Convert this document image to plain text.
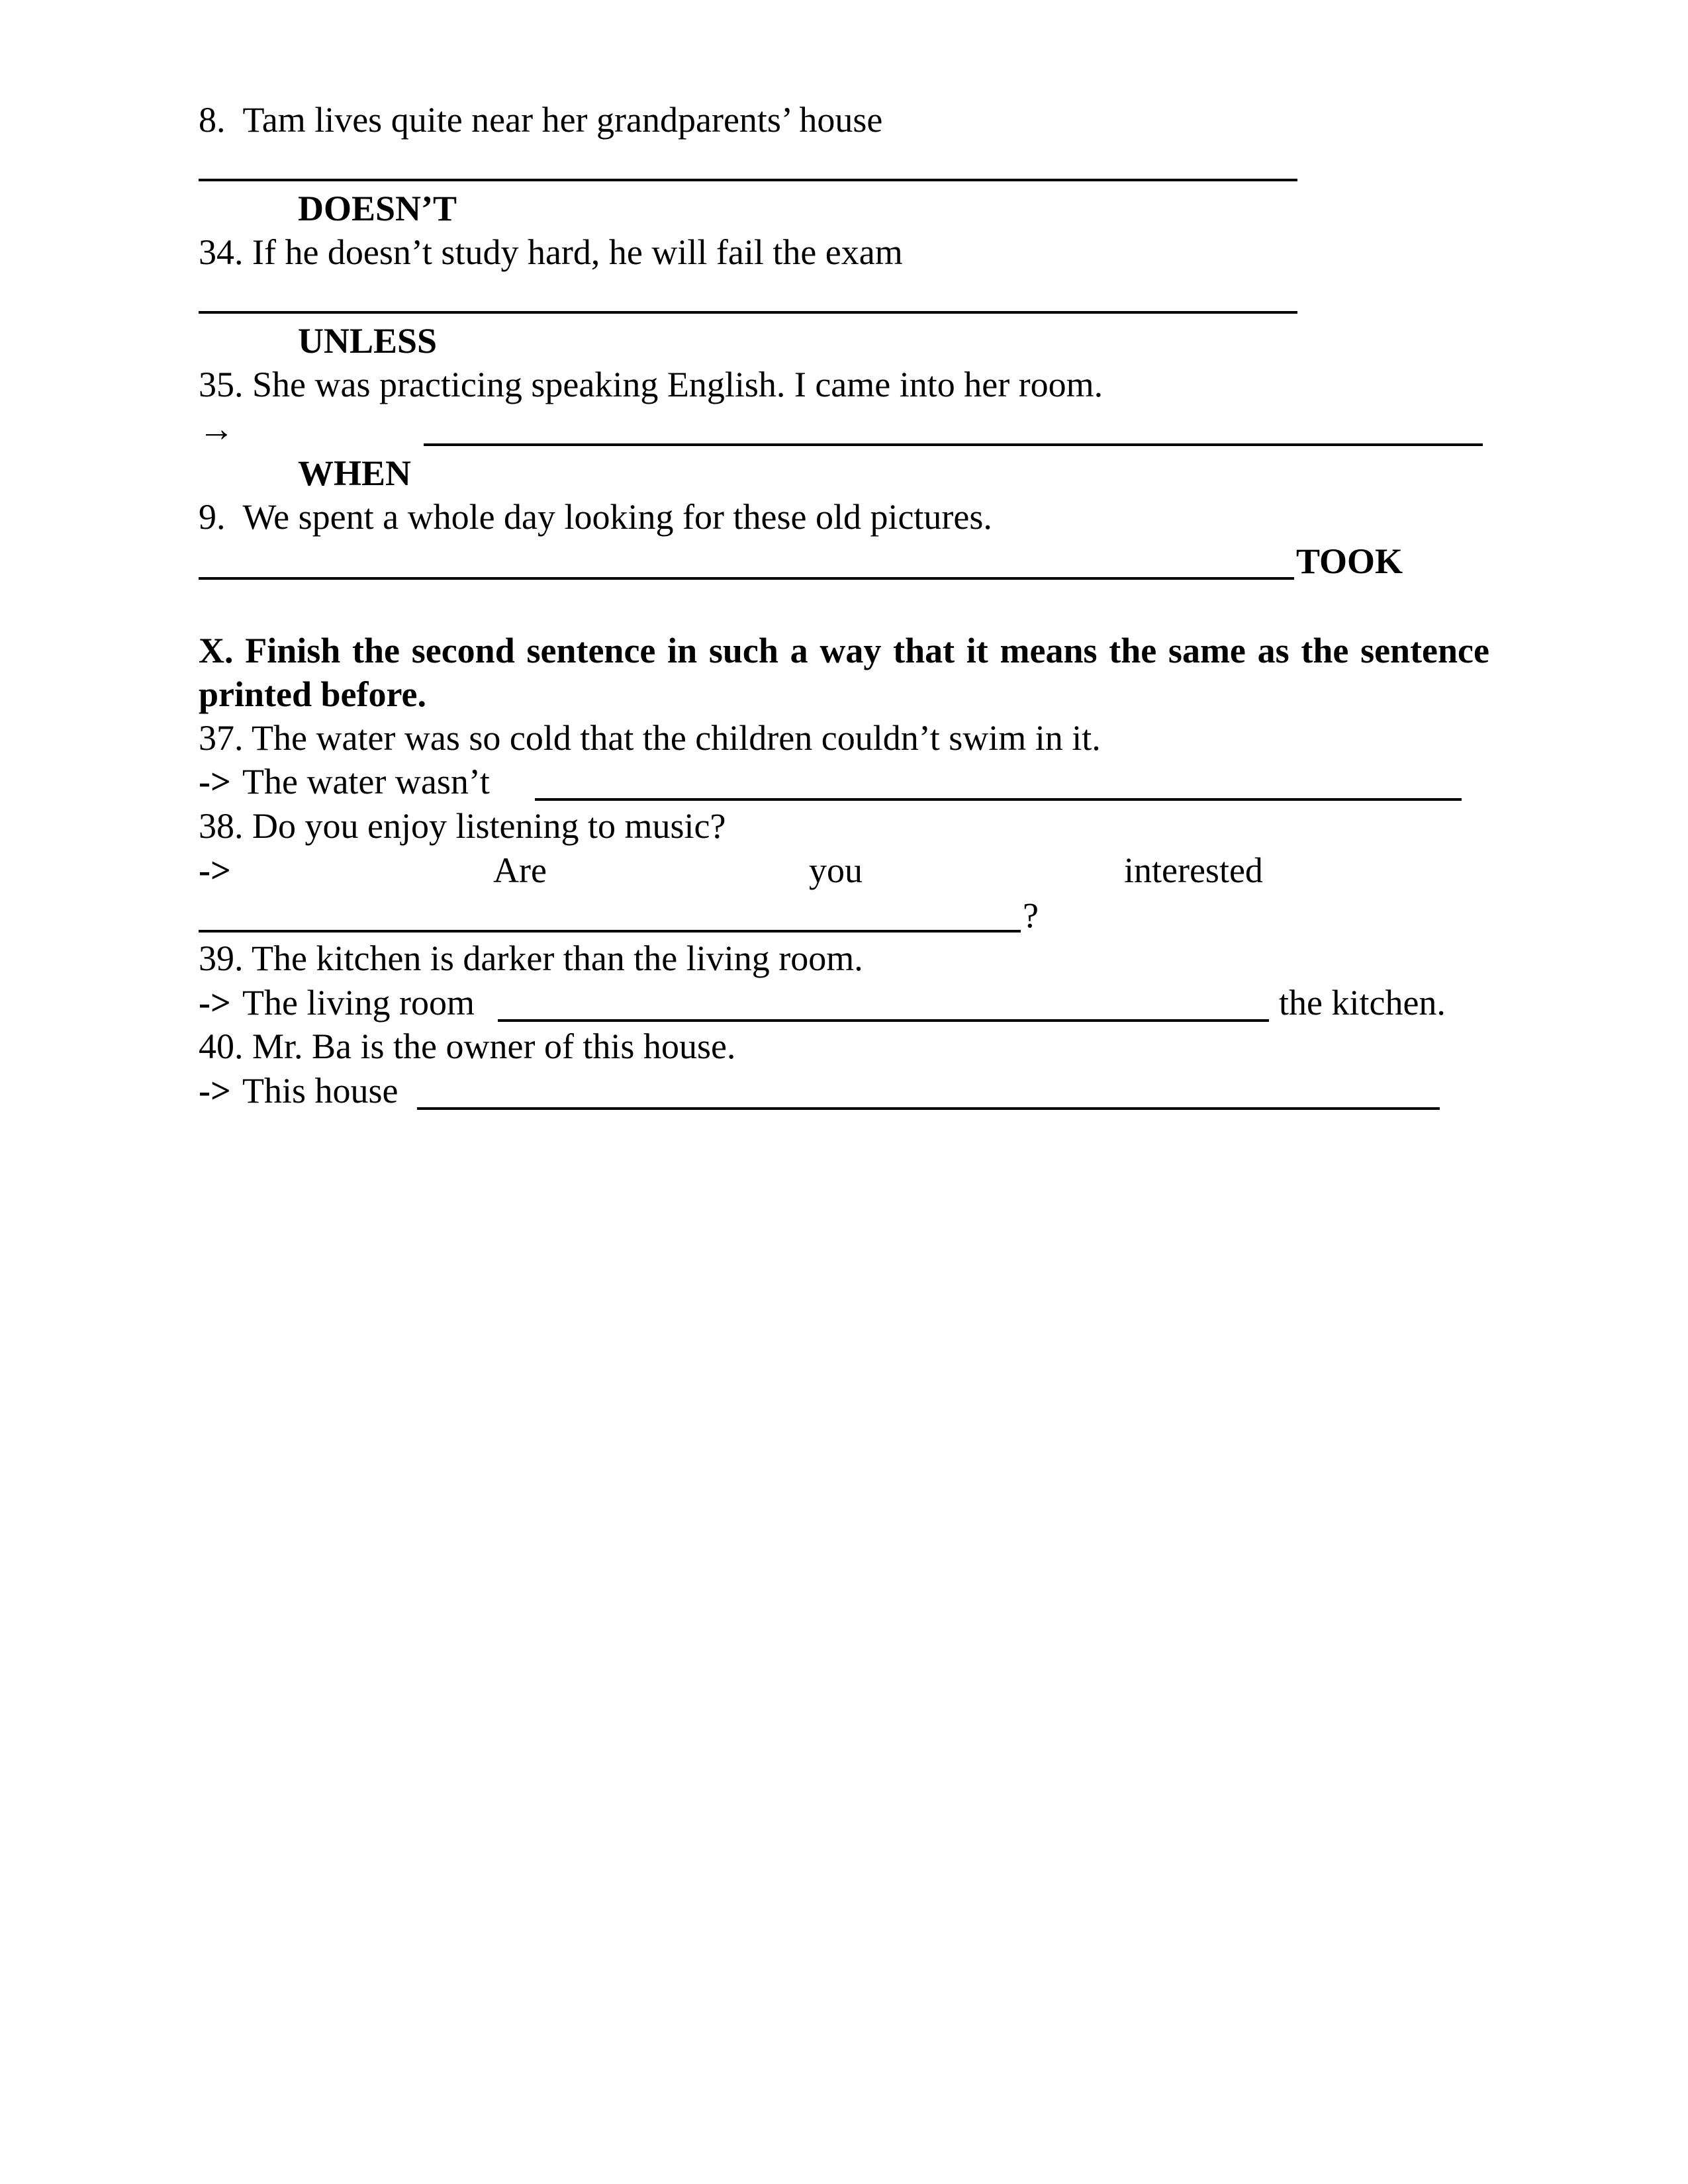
8.  Tam lives quite near her grandparents’ house
DOESN’T
34. If he doesn’t study hard, he will fail the exam
UNLESS
35. She was practicing speaking English. I came into her room.
→
WHEN
9.  We spent a whole day looking for these old pictures.
TOOK
X. Finish the second sentence in such a way that it means the same as the sentence printed before.
37. The water was so cold that the children couldn’t swim in it.
-> The water wasn’t
38. Do you enjoy listening to music?
->	Are	you	interested
?
39. The kitchen is darker than the living room.
-> The living room	the kitchen.
40. Mr. Ba is the owner of this house.
-> This house
